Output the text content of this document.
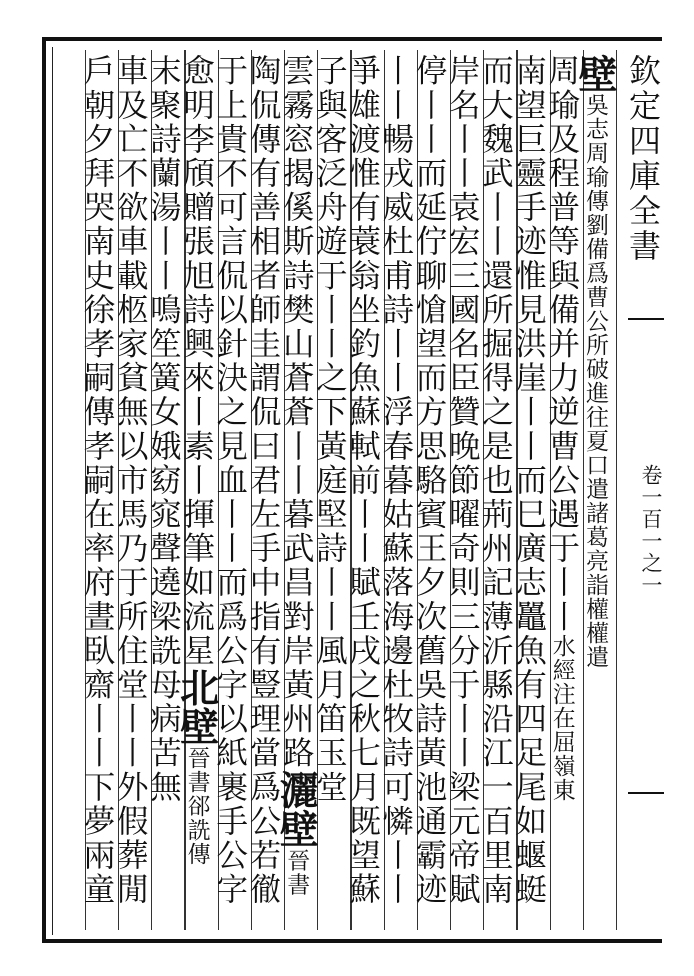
欽定四庫全書
卷一百一之一
壁吳志周瑜傳劉備爲曹公所破進往夏口遣諸葛亮詣權權遣
周瑜及程普等與備并力逆曹公遇于丨丨水經注在屈嶺東
南望巨靈手迹惟見洪崖丨丨而巳廣志鼉魚有四足尾如蝘蜓
而大魏武丨丨還所掘得之是也荊州記薄沂縣沿江一百里南
岸名丨丨袁宏三國名臣贊晚節曜奇則三分于丨丨梁元帝賦
停丨丨而延佇聊愴望而方思駱賓王夕次舊吳詩黃池通霸迹
丨丨暢戎威杜甫詩丨丨浮春暮姑蘇落海邊杜牧詩可憐丨丨
爭雄渡惟有蓑翁坐釣魚蘇軾前丨丨賦壬戌之秋七月既望蘇
子與客泛舟遊于丨丨之下黃庭堅詩丨丨風月笛玉堂
雲霧窓揭傒斯詩樊山蒼蒼丨丨暮武昌對岸黃州路灑壁晉書
陶侃傳有善相者師圭謂侃曰君左手中指有豎理當爲公若徹
于上貴不可言侃以針決之見血丨丨而爲公字以紙裹手公字
愈明李頎贈張旭詩興來丨素丨揮筆如流星北壁晉書郤詵傳
末聚詩蘭湯丨丨鳴笙簧女娥窈窕聲遶梁詵母病苦無
車及亡不欲車載柩家貧無以市馬乃于所住堂丨丨外假葬閒
戶朝夕拜哭南史徐孝嗣傳孝嗣在率府晝臥齋丨丨下夢兩童
